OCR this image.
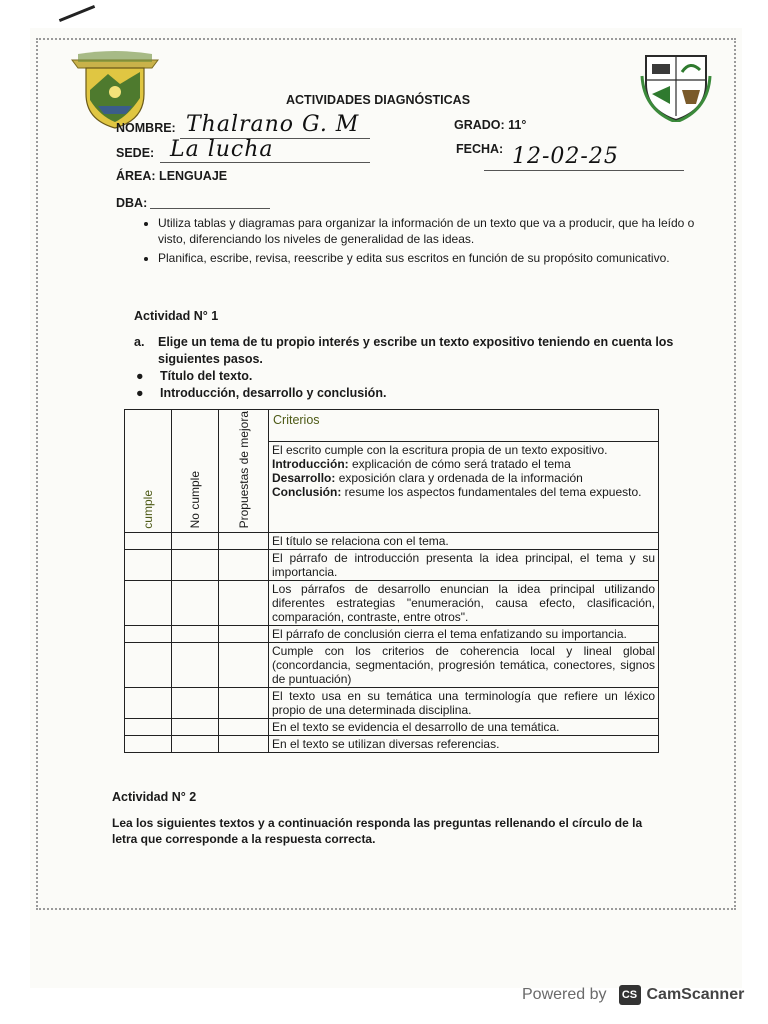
ACTIVIDADES DIAGNÓSTICAS
NOMBRE: Thalrano G. M	GRADO: 11°
SEDE: La lucha	FECHA: 12-02-25
ÁREA: LENGUAJE
DBA:
• Utiliza tablas y diagramas para organizar la información de un texto que va a producir, que ha leído o visto, diferenciando los niveles de generalidad de las ideas.
• Planifica, escribe, revisa, reescribe y edita sus escritos en función de su propósito comunicativo.
Actividad N° 1
a.	Elige un tema de tu propio interés y escribe un texto expositivo teniendo en cuenta los siguientes pasos.
●	Título del texto.
●	Introducción, desarrollo y conclusión.
cumple	No cumple	Propuestas de mejora	Criterios

			El escrito cumple con la escritura propia de un texto expositivo.
Introducción: explicación de cómo será tratado el tema
Desarrollo: exposición clara y ordenada de la información
Conclusión: resume los aspectos fundamentales del tema expuesto.

			El título se relaciona con el tema.
			El párrafo de introducción presenta la idea principal, el tema y su importancia.
			Los párrafos de desarrollo enuncian la idea principal utilizando diferentes estrategias "enumeración, causa efecto, clasificación, comparación, contraste, entre otros".
			El párrafo de conclusión cierra el tema enfatizando su importancia.
			Cumple con los criterios de coherencia local y lineal global (concordancia, segmentación, progresión temática, conectores, signos de puntuación)
			El texto usa en su temática una terminología que refiere un léxico propio de una determinada disciplina.
			En el texto se evidencia el desarrollo de una temática.
			En el texto se utilizan diversas referencias.
Actividad N° 2
Lea los siguientes textos y a continuación responda las preguntas rellenando el círculo de la letra que corresponde a la respuesta correcta.
Powered by	CS CamScanner
